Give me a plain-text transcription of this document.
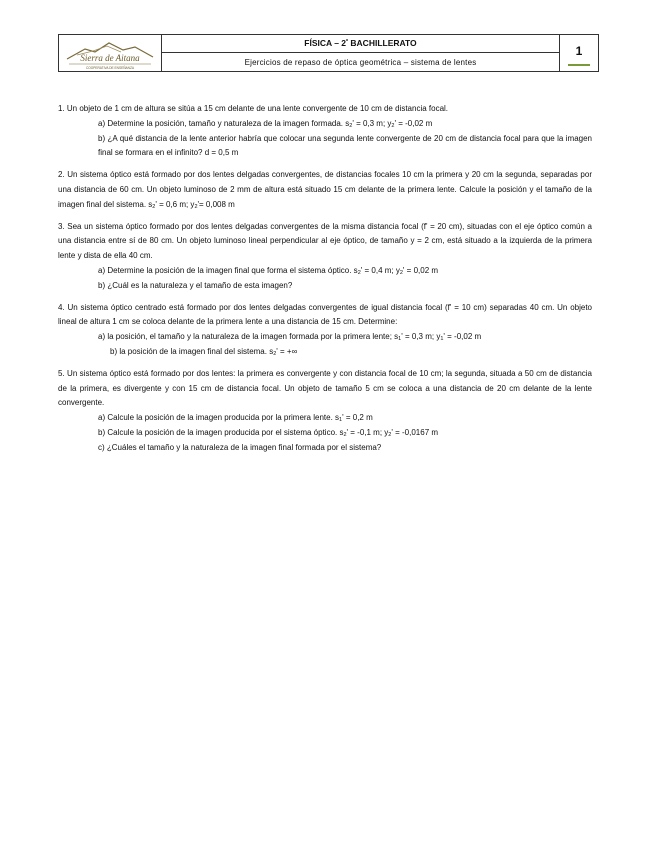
Sierra de Aitana
COOPERATIVA DE ENSEÑANZA
FÍSICA – $2^º$ BACHILLERATO
Ejercicios de repaso de óptica geométrica – sistema de lentes
1

1. Un objeto de 1 cm de altura se sitúa a 15 cm delante de una lente convergente de 10 cm de distancia focal.

a) Determine la posición, tamaño y naturaleza de la imagen formada. $s_2' = 0,3$ m; $y_2' = -0,02$ m

b) ¿A qué distancia de la lente anterior habría que colocar una segunda lente convergente de 20 cm de distancia focal para que la imagen final se formara en el infinito? d = 0,5 m

2. Un sistema óptico está formado por dos lentes delgadas convergentes, de distancias focales 10 cm la primera y 20 cm la segunda, separadas por una distancia de 60 cm. Un objeto luminoso de 2 mm de altura está situado 15 cm delante de la primera lente. Calcule la posición y el tamaño de la imagen final del sistema. $s_2' = 0,6$ m; $y_2'= 0,008$ m

3. Sea un sistema óptico formado por dos lentes delgadas convergentes de la misma distancia focal (f' = 20 cm), situadas con el eje óptico común a una distancia entre sí de 80 cm. Un objeto luminoso lineal perpendicular al eje óptico, de tamaño y = 2 cm, está situado a la izquierda de la primera lente y dista de ella 40 cm.

a) Determine la posición de la imagen final que forma el sistema óptico. $s_2' = 0,4$ m; $y_2' = 0,02$ m

b) ¿Cuál es la naturaleza y el tamaño de esta imagen?

4. Un sistema óptico centrado está formado por dos lentes delgadas convergentes de igual distancia focal (f' = 10 cm) separadas 40 cm. Un objeto lineal de altura 1 cm se coloca delante de la primera lente a una distancia de 15 cm. Determine:

a) la posición, el tamaño y la naturaleza de la imagen formada por la primera lente; $s_1' = 0,3$ m; $y_1' = -0,02$ m

b) la posición de la imagen final del sistema. $s_2'$ = +∞

5. Un sistema óptico está formado por dos lentes: la primera es convergente y con distancia focal de 10 cm; la segunda, situada a 50 cm de distancia de la primera, es divergente y con 15 cm de distancia focal. Un objeto de tamaño 5 cm se coloca a una distancia de 20 cm delante de la lente convergente.

a) Calcule la posición de la imagen producida por la primera lente. $s_1' = 0,2$ m

b) Calcule la posición de la imagen producida por el sistema óptico. $s_2' = -0,1$ m; $y_2' = -0,0167$ m

c) ¿Cuáles el tamaño y la naturaleza de la imagen final formada por el sistema?
